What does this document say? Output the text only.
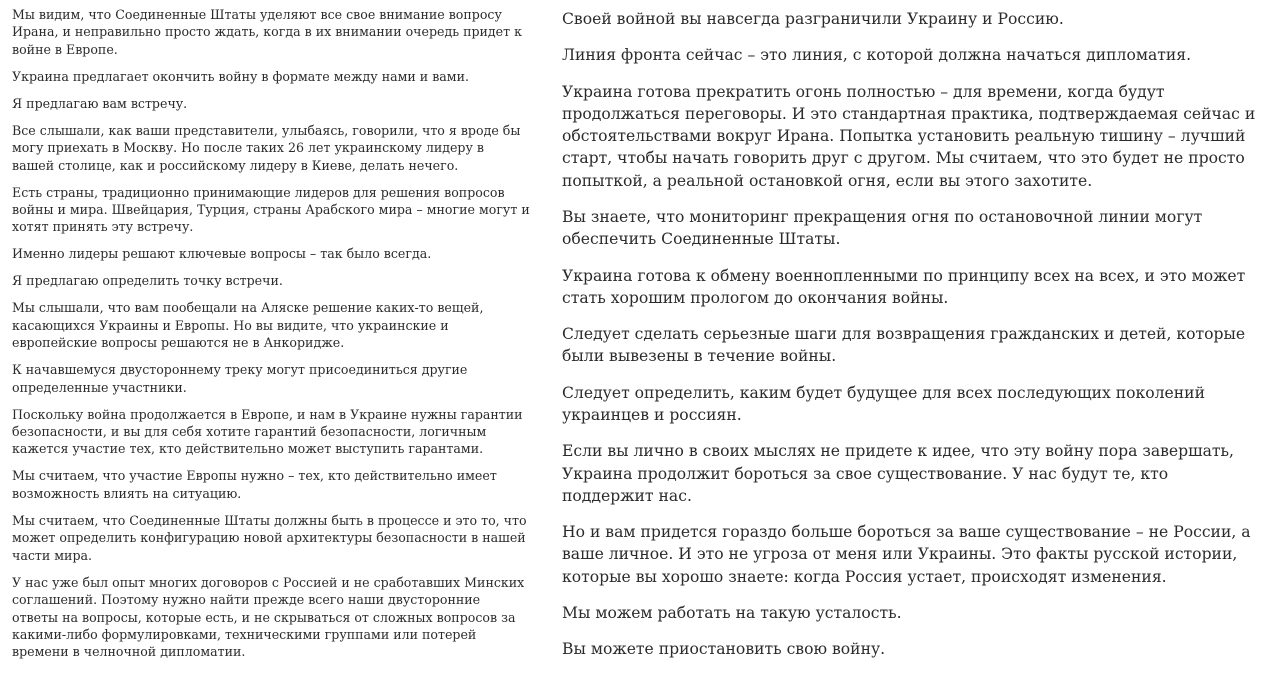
Мы видим, что Соединенные Штаты уделяют все свое внимание вопросу Ирана, и неправильно просто ждать, когда в их внимании очередь придет к войне в Европе.

Украина предлагает окончить войну в формате между нами и вами.

Я предлагаю вам встречу.

Все слышали, как ваши представители, улыбаясь, говорили, что я вроде бы могу приехать в Москву. Но после таких 26 лет украинскому лидеру в вашей столице, как и российскому лидеру в Киеве, делать нечего.

Есть страны, традиционно принимающие лидеров для решения вопросов войны и мира. Швейцария, Турция, страны Арабского мира – многие могут и хотят принять эту встречу.

Именно лидеры решают ключевые вопросы – так было всегда.

Я предлагаю определить точку встречи.

Мы слышали, что вам пообещали на Аляске решение каких-то вещей, касающихся Украины и Европы. Но вы видите, что украинские и европейские вопросы решаются не в Анкоридже.

К начавшемуся двустороннему треку могут присоединиться другие определенные участники.

Поскольку война продолжается в Европе, и нам в Украине нужны гарантии безопасности, и вы для себя хотите гарантий безопасности, логичным кажется участие тех, кто действительно может выступить гарантами.

Мы считаем, что участие Европы нужно – тех, кто действительно имеет возможность влиять на ситуацию.

Мы считаем, что Соединенные Штаты должны быть в процессе и это то, что может определить конфигурацию новой архитектуры безопасности в нашей части мира.

У нас уже был опыт многих договоров с Россией и не сработавших Минских соглашений. Поэтому нужно найти прежде всего наши двусторонние ответы на вопросы, которые есть, и не скрываться от сложных вопросов за какими-либо формулировками, техническими группами или потерей времени в челночной дипломатии.

Своей войной вы навсегда разграничили Украину и Россию.

Линия фронта сейчас – это линия, с которой должна начаться дипломатия.

Украина готова прекратить огонь полностью – для времени, когда будут продолжаться переговоры. И это стандартная практика, подтверждаемая сейчас и обстоятельствами вокруг Ирана. Попытка установить реальную тишину – лучший старт, чтобы начать говорить друг с другом. Мы считаем, что это будет не просто попыткой, а реальной остановкой огня, если вы этого захотите.

Вы знаете, что мониторинг прекращения огня по остановочной линии могут обеспечить Соединенные Штаты.

Украина готова к обмену военнопленными по принципу всех на всех, и это может стать хорошим прологом до окончания войны.

Следует сделать серьезные шаги для возвращения гражданских и детей, которые были вывезены в течение войны.

Следует определить, каким будет будущее для всех последующих поколений украинцев и россиян.

Если вы лично в своих мыслях не придете к идее, что эту войну пора завершать, Украина продолжит бороться за свое существование. У нас будут те, кто поддержит нас.

Но и вам придется гораздо больше бороться за ваше существование – не России, а ваше личное. И это не угроза от меня или Украины. Это факты русской истории, которые вы хорошо знаете: когда Россия устает, происходят изменения.

Мы можем работать на такую усталость.

Вы можете приостановить свою войну.
